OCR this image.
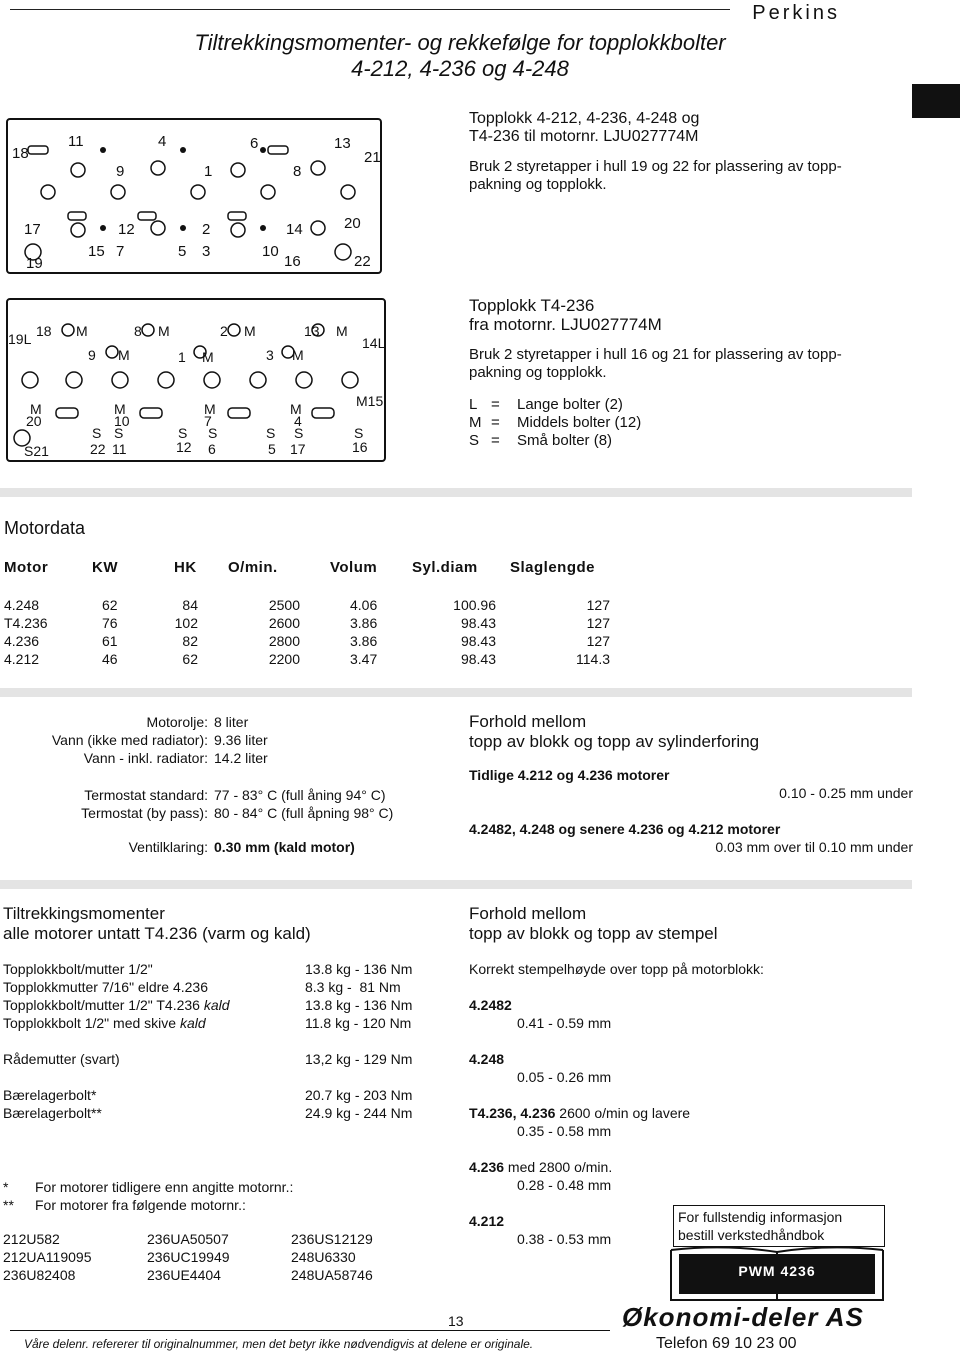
Perkins
Tiltrekkingsmomenter- og rekkefølge for topplokkbolter
4-212, 4-236 og 4-248
18
11	4	6	13
21
9	1	8
17	12	2	14	20
15 7	5 3	10
16
19	22
Topplokk 4-212, 4-236, 4-248 og
T4-236 til motornr. LJU027774M
Bruk 2 styretapper i hull 19 og 22 for plassering av topp-
pakning og topplokk.
19L 18 M	8 M	2 M	13 M
14L
9 M	1 M	3 M
M	M	M	M	M15
20	10	7	4
S S	S S	S S	S
S21	22 11	12 6	5 17	16
Topplokk T4-236
fra motornr. LJU027774M
Bruk 2 styretapper i hull 16 og 21 for plassering av topp-
pakning og topplokk.
L =	Lange bolter (2)
M =	Middels bolter (12)
S =	Små bolter (8)
Motordata
Motor	KW	HK	O/min.	Volum	Syl.diam	Slaglengde

4.248	62	84	2500	4.06	100.96	127
T4.236	76	102	2600	3.86	98.43	127
4.236	61	82	2800	3.86	98.43	127
4.212	46	62	2200	3.47	98.43	114.3
Motorolje: 8 liter
Vann (ikke med radiator): 9.36 liter
Vann - inkl. radiator: 14.2 liter
Termostat standard: 77 - 83° C (full åning 94° C)
Termostat (by pass): 80 - 84° C (full åpning 98° C)
Ventilklaring: 0.30 mm (kald motor)
Forhold mellom
topp av blokk og topp av sylinderforing
Tidlige 4.212 og 4.236 motorer
0.10 - 0.25 mm under
4.2482, 4.248 og senere 4.236 og 4.212 motorer
0.03 mm over til 0.10 mm under
Tiltrekkingsmomenter
alle motorer untatt T4.236 (varm og kald)
Topplokkbolt/mutter 1/2"	13.8 kg - 136 Nm
Topplokkmutter 7/16" eldre 4.236	8.3 kg -  81 Nm
Topplokkbolt/mutter 1/2" T4.236 kald	13.8 kg - 136 Nm
Topplokkbolt 1/2" med skive kald	11.8 kg - 120 Nm
Rådemutter (svart)	13,2 kg - 129 Nm
Bærelagerbolt*	20.7 kg - 203 Nm
Bærelagerbolt**	24.9 kg - 244 Nm
*	For motorer tidligere enn angitte motornr.:
**	For motorer fra følgende motornr.:
212U582	236UA50507	236US12129
212UA119095	236UC19949	248U6330
236U82408	236UE4404	248UA58746
Forhold mellom
topp av blokk og topp av stempel
Korrekt stempelhøyde over topp på motorblokk:
4.2482
0.41 - 0.59 mm
4.248
0.05 - 0.26 mm
T4.236, 4.236 2600 o/min og lavere
0.35 - 0.58 mm
4.236 med 2800 o/min.
0.28 - 0.48 mm
4.212
0.38 - 0.53 mm
For fullstendig informasjon
bestill verkstedhåndbok
PWM 4236
13
Våre delenr. refererer til originalnummer, men det betyr ikke nødvendigvis at delene er originale.
Økonomi-deler AS
Telefon 69 10 23 00
